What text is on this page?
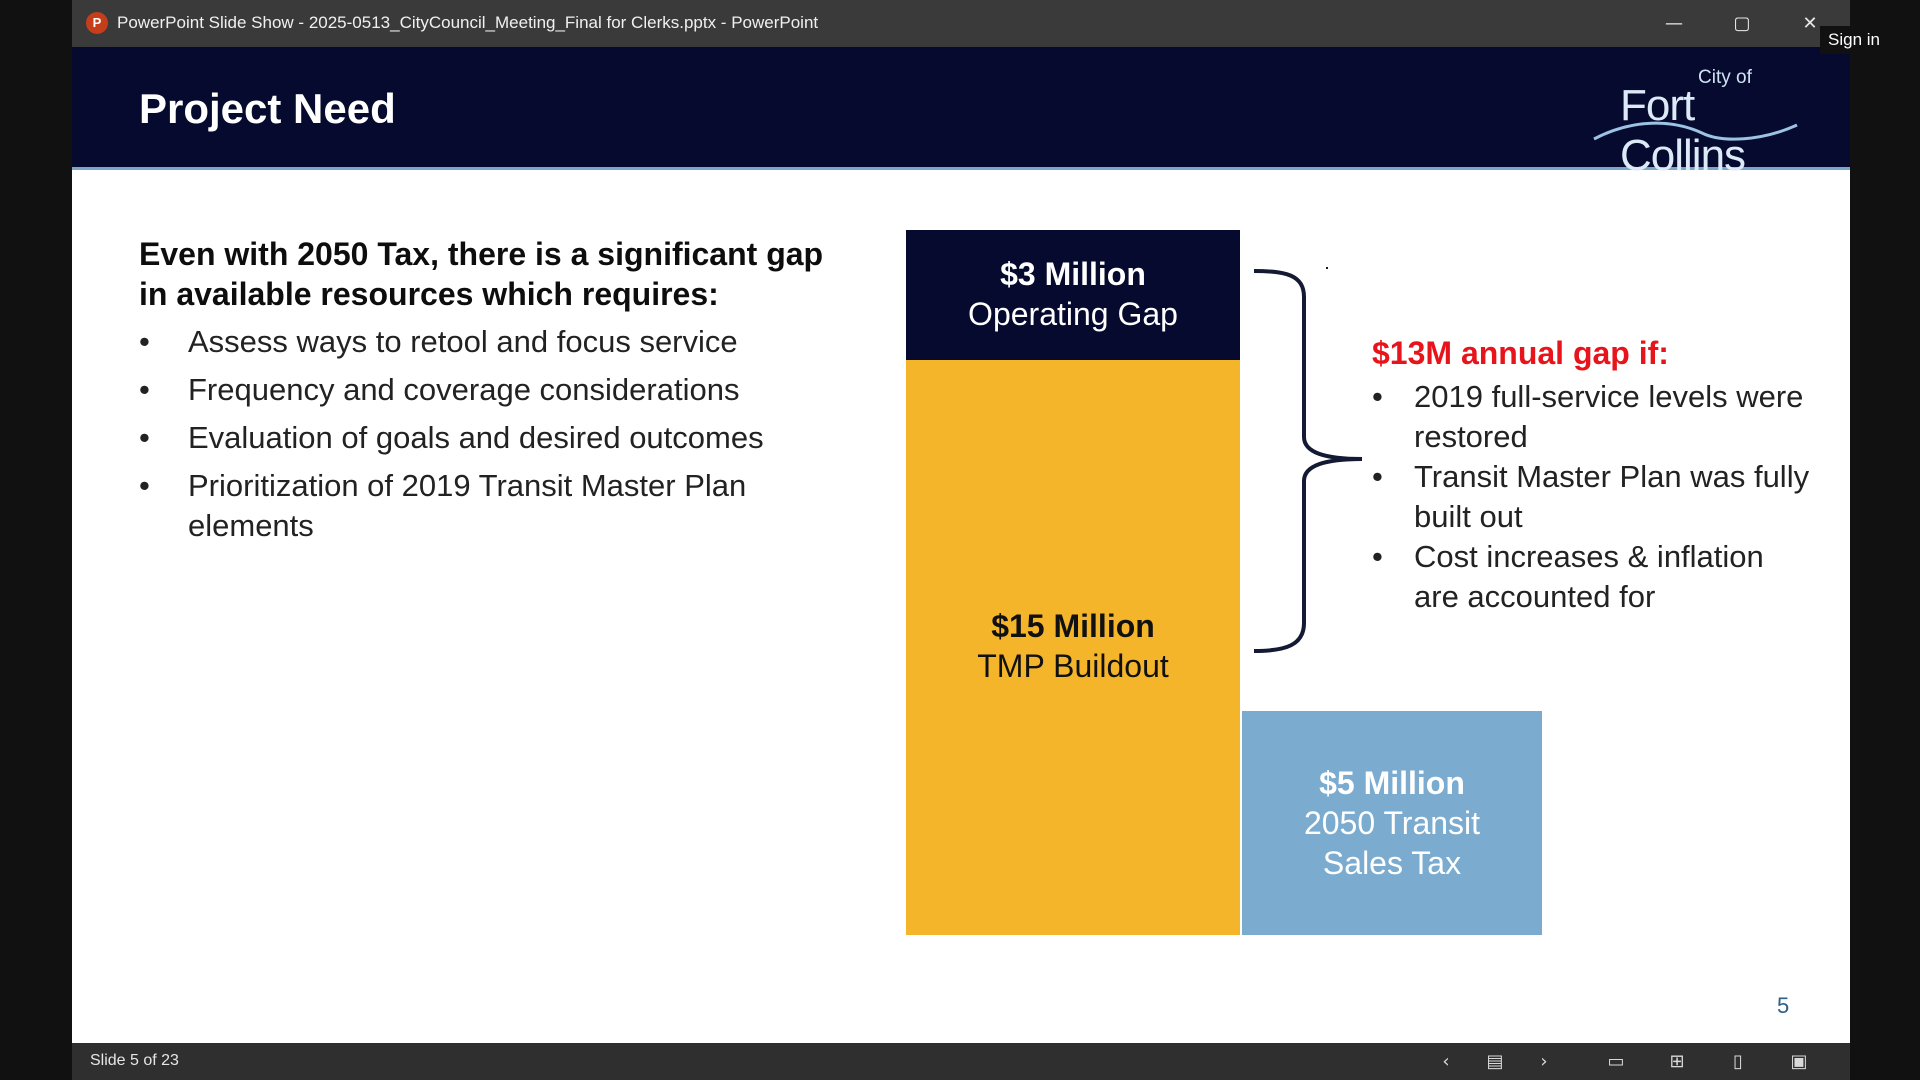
P PowerPoint Slide Show - 2025-0513_CityCouncil_Meeting_Final for Clerks.pptx - PowerPoint	—	▢	✕
Project Need
City of
Fort Collins
Even with 2050 Tax, there is a significant gap in available resources which requires:
• Assess ways to retool and focus service
• Frequency and coverage considerations
• Evaluation of goals and desired outcomes
• Prioritization of 2019 Transit Master Plan elements
$3 Million
Operating Gap
$15 Million
TMP Buildout
$5 Million
2050 Transit
Sales Tax
$13M annual gap if:
• 2019 full-service levels were restored
• Transit Master Plan was fully built out
• Cost increases & inflation are accounted for
5
Slide 5 of 23	‹	▤	›	▭	⊞	▯	▣
Sign in
